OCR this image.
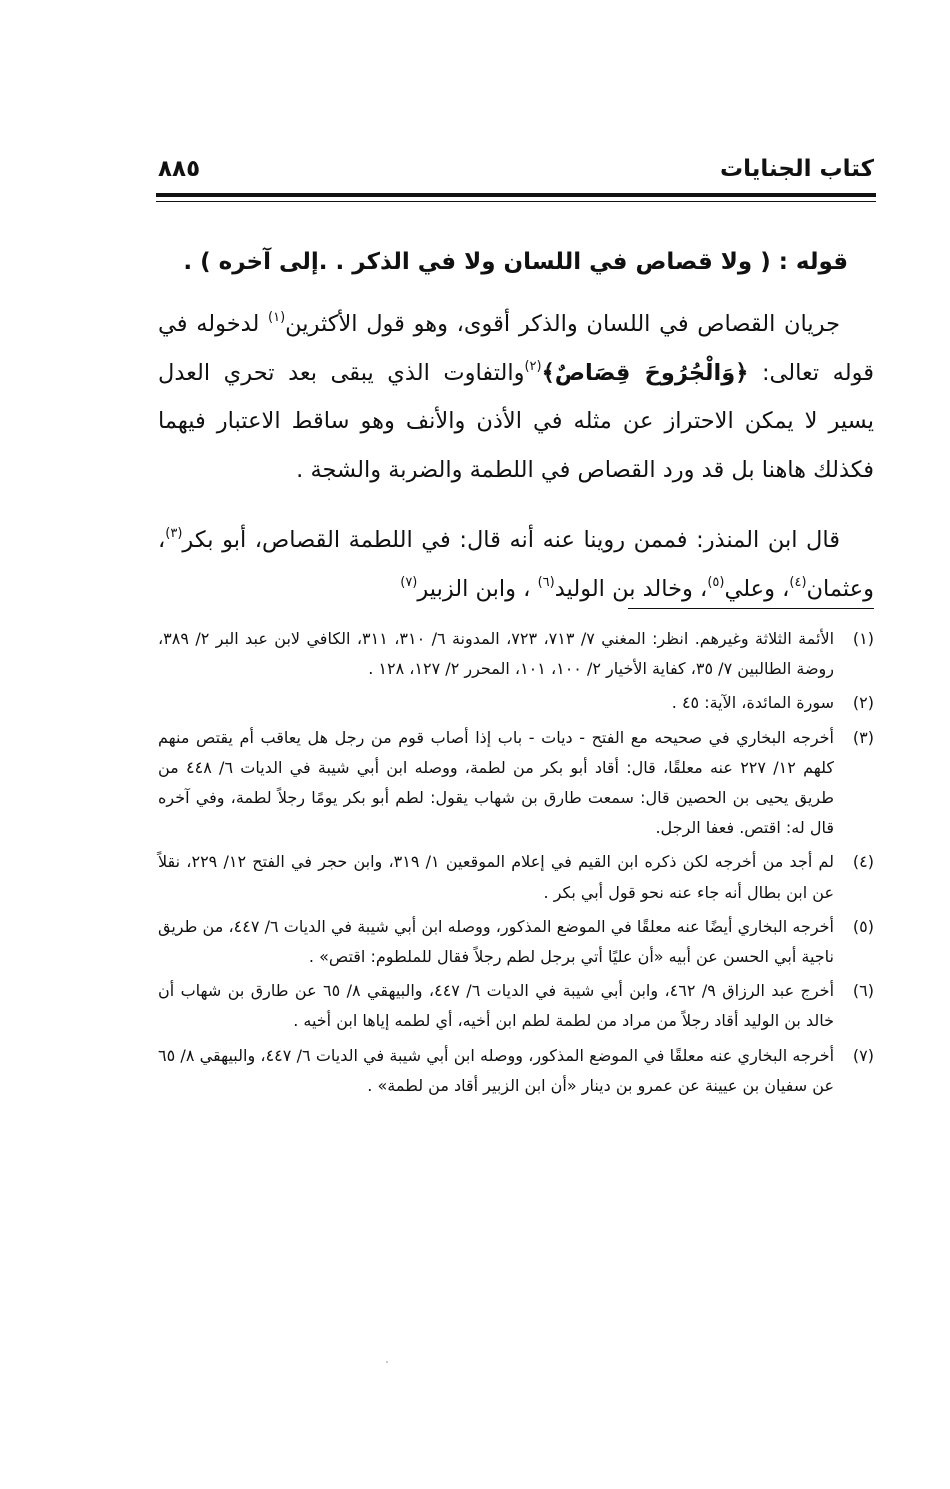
كتاب الجنايات
٨٨٥
قوله : ( ولا قصاص في اللسان ولا في الذكر . .إلى آخره ) .
جريان القصاص في اللسان والذكر أقوى، وهو قول الأكثرين$^{(١)}$ لدخوله في قوله تعالى: ﴿وَالْجُرُوحَ قِصَاصٌ﴾$^{(٢)}$والتفاوت الذي يبقى بعد تحري العدل يسير لا يمكن الاحتراز عن مثله في الأذن والأنف وهو ساقط الاعتبار فيهما فكذلك هاهنا بل قد ورد القصاص في اللطمة والضربة والشجة .
قال ابن المنذر: فممن روينا عنه أنه قال: في اللطمة القصاص، أبو بكر$^{(٣)}$، وعثمان$^{(٤)}$، وعلي$^{(٥)}$، وخالد بن الوليد$^{(٦)}$ ، وابن الزبير$^{(٧)}$
(١)
الأئمة الثلاثة وغيرهم. انظر: المغني ٧/ ٧١٣، ٧٢٣، المدونة ٦/ ٣١٠، ٣١١، الكافي لابن عبد البر ٢/ ٣٨٩، روضة الطالبين ٧/ ٣٥، كفاية الأخيار ٢/ ١٠٠، ١٠١، المحرر ٢/ ١٢٧، ١٢٨ .
(٢)
سورة المائدة، الآية: ٤٥ .
(٣)
أخرجه البخاري في صحيحه مع الفتح - ديات - باب إذا أصاب قوم من رجل هل يعاقب أم يقتص منهم كلهم ١٢/ ٢٢٧ عنه معلقًا، قال: أقاد أبو بكر من لطمة، ووصله ابن أبي شيبة في الديات ٦/ ٤٤٨ من طريق يحيى بن الحصين قال: سمعت طارق بن شهاب يقول: لطم أبو بكر يومًا رجلاً لطمة، وفي آخره قال له: اقتص. فعفا الرجل.
(٤)
لم أجد من أخرجه لكن ذكره ابن القيم في إعلام الموقعين ١/ ٣١٩، وابن حجر في الفتح ١٢/ ٢٢٩، نقلاً عن ابن بطال أنه جاء عنه نحو قول أبي بكر .
(٥)
أخرجه البخاري أيضًا عنه معلقًا في الموضع المذكور، ووصله ابن أبي شيبة في الديات ٦/ ٤٤٧، من طريق ناجية أبي الحسن عن أبيه «أن عليًا أتي برجل لطم رجلاً فقال للملطوم: اقتص» .
(٦)
أخرج عبد الرزاق ٩/ ٤٦٢، وابن أبي شيبة في الديات ٦/ ٤٤٧، والبيهقي ٨/ ٦٥ عن طارق بن شهاب أن خالد بن الوليد أقاد رجلاً من مراد من لطمة لطم ابن أخيه، أي لطمه إياها ابن أخيه .
(٧)
أخرجه البخاري عنه معلقًا في الموضع المذكور، ووصله ابن أبي شيبة في الديات ٦/ ٤٤٧، والبيهقي ٨/ ٦٥ عن سفيان بن عيينة عن عمرو بن دينار «أن ابن الزبير أقاد من لطمة» .
